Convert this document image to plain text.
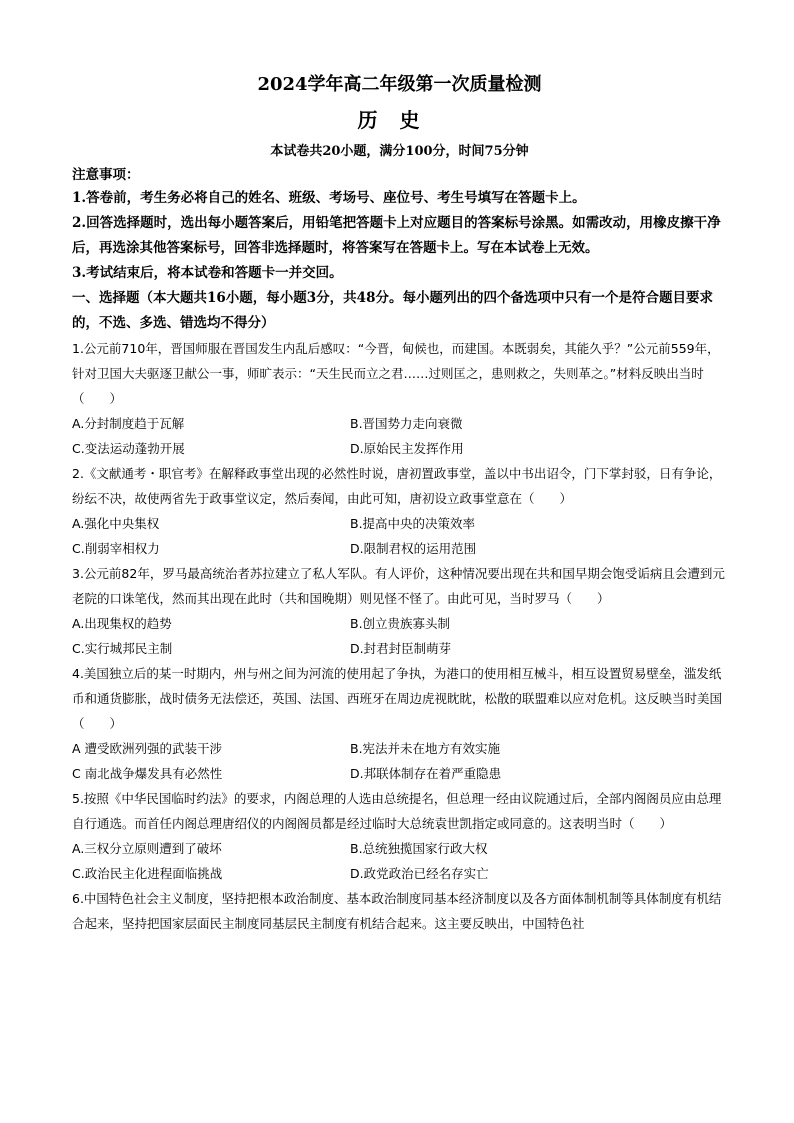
2024学年高二年级第一次质量检测
历史
本试卷共20小题，满分100分，时间75分钟
注意事项：

1.答卷前，考生务必将自己的姓名、班级、考场号、座位号、考生号填写在答题卡上。

2.回答选择题时，选出每小题答案后，用铅笔把答题卡上对应题目的答案标号涂黑。如需改动，用橡皮擦干净后，再选涂其他答案标号，回答非选择题时，将答案写在答题卡上。写在本试卷上无效。

3.考试结束后，将本试卷和答题卡一并交回。

一、选择题（本大题共16小题，每小题3分，共48分。每小题列出的四个备选项中只有一个是符合题目要求的，不选、多选、错选均不得分）

1.公元前710年，晋国师服在晋国发生内乱后感叹：“今晋，甸候也，而建国。本既弱矣，其能久乎？”公元前559年，针对卫国大夫驱逐卫献公一事，师旷表示：“天生民而立之君……过则匡之，患则救之，失则革之。”材料反映出当时（　　）

A.分封制度趋于瓦解	B.晋国势力走向衰微
C.变法运动蓬勃开展	D.原始民主发挥作用

2.《文献通考・职官考》在解释政事堂出现的必然性时说，唐初置政事堂，盖以中书出诏令，门下掌封驳，日有争论，纷纭不决，故使两省先于政事堂议定，然后奏闻，由此可知，唐初设立政事堂意在（　　）

A.强化中央集权	B.提高中央的决策效率
C.削弱宰相权力	D.限制君权的运用范围

3.公元前82年，罗马最高统治者苏拉建立了私人军队。有人评价，这种情况要出现在共和国早期会饱受诟病且会遭到元老院的口诛笔伐，然而其出现在此时（共和国晚期）则见怪不怪了。由此可见，当时罗马（　　）

A.出现集权的趋势	B.创立贵族寡头制
C.实行城邦民主制	D.封君封臣制萌芽

4.美国独立后的某一时期内，州与州之间为河流的使用起了争执，为港口的使用相互械斗，相互设置贸易壁垒，滥发纸币和通货膨胀，战时债务无法偿还，英国、法国、西班牙在周边虎视眈眈，松散的联盟难以应对危机。这反映当时美国（　　）

A 遭受欧洲列强的武装干涉	B.宪法并未在地方有效实施
C 南北战争爆发具有必然性	D.邦联体制存在着严重隐患

5.按照《中华民国临时约法》的要求，内阁总理的人选由总统提名，但总理一经由议院通过后，全部内阁阁员应由总理自行通选。而首任内阁总理唐绍仪的内阁阁员都是经过临时大总统袁世凯指定或同意的。这表明当时（　　）

A.三权分立原则遭到了破坏	B.总统独揽国家行政大权
C.政治民主化进程面临挑战	D.政党政治已经名存实亡

6.中国特色社会主义制度，坚持把根本政治制度、基本政治制度同基本经济制度以及各方面体制机制等具体制度有机结合起来，坚持把国家层面民主制度同基层民主制度有机结合起来。这主要反映出，中国特色社
